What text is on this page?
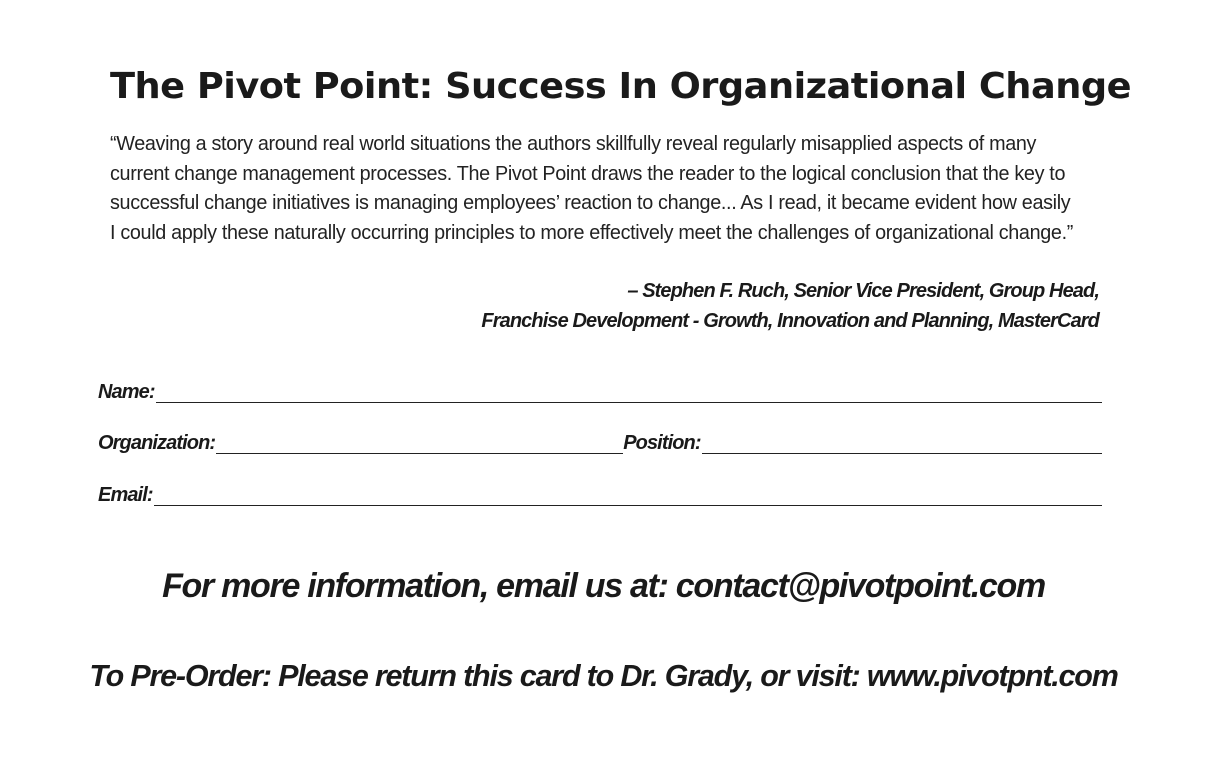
The Pivot Point: Success In Organizational Change
“Weaving a story around real world situations the authors skillfully reveal regularly misapplied aspects of many current change management processes. The Pivot Point draws the reader to the logical conclusion that the key to successful change initiatives is managing employees’ reaction to change... As I read, it became evident how easily I could apply these naturally occurring principles to more effectively meet the challenges of organizational change.”
– Stephen F. Ruch, Senior Vice President, Group Head,
Franchise Development - Growth, Innovation and Planning, MasterCard
Name:
Organization:	Position:
Email:
For more information, email us at: contact@pivotpoint.com
To Pre-Order: Please return this card to Dr. Grady, or visit: www.pivotpnt.com
